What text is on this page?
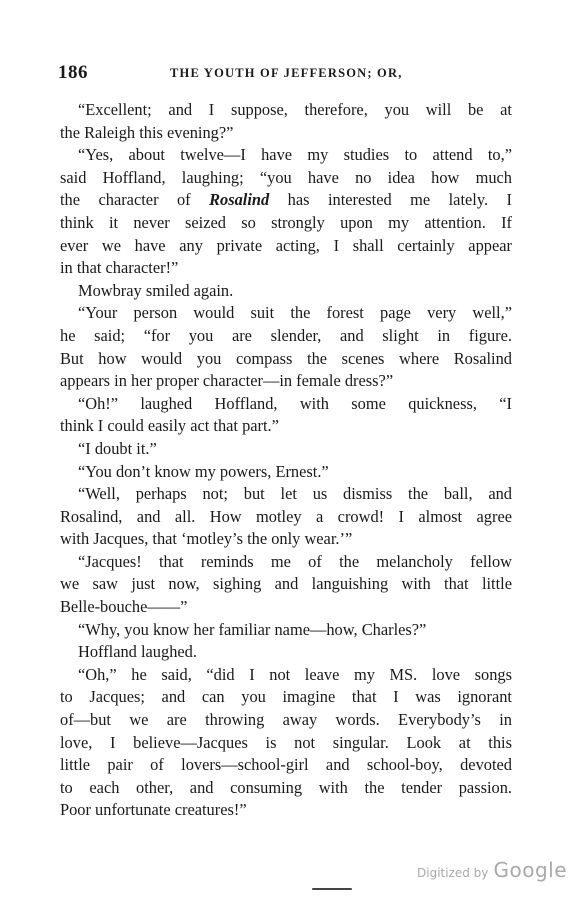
186	THE YOUTH OF JEFFERSON; OR,
“Excellent; and I suppose, therefore, you will be at
the Raleigh this evening?”
“Yes, about twelve—I have my studies to attend to,”
said Hoffland, laughing; “you have no idea how much
the character of Rosalind has interested me lately. I
think it never seized so strongly upon my attention. If
ever we have any private acting, I shall certainly appear
in that character!”
Mowbray smiled again.
“Your person would suit the forest page very well,”
he said; “for you are slender, and slight in figure.
But how would you compass the scenes where Rosalind
appears in her proper character—in female dress?”
“Oh!” laughed Hoffland, with some quickness, “I
think I could easily act that part.”
“I doubt it.”
“You don’t know my powers, Ernest.”
“Well, perhaps not; but let us dismiss the ball, and
Rosalind, and all. How motley a crowd! I almost agree
with Jacques, that ‘motley’s the only wear.’”
“Jacques! that reminds me of the melancholy fellow
we saw just now, sighing and languishing with that little
Belle-bouche——”
“Why, you know her familiar name—how, Charles?”
Hoffland laughed.
“Oh,” he said, “did I not leave my MS. love songs
to Jacques; and can you imagine that I was ignorant
of—but we are throwing away words. Everybody’s in
love, I believe—Jacques is not singular. Look at this
little pair of lovers—school-girl and school-boy, devoted
to each other, and consuming with the tender passion.
Poor unfortunate creatures!”
Digitized by Google
